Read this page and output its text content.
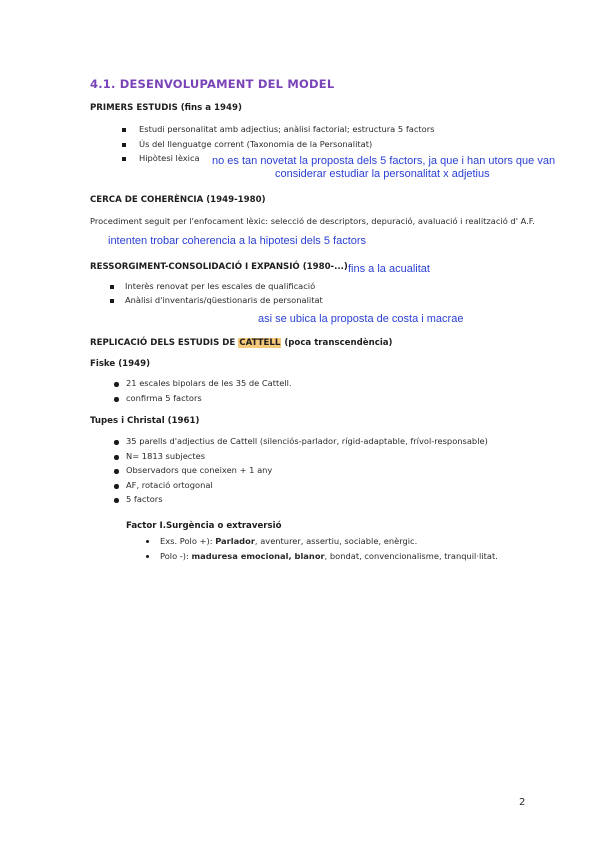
4.1. DESENVOLUPAMENT DEL MODEL
PRIMERS ESTUDIS (fins a 1949)
Estudi personalitat amb adjectius; anàlisi factorial; estructura 5 factors
Ús del llenguatge corrent (Taxonomia de la Personalitat)
Hipòtesi lèxica no es tan novetat la proposta dels 5 factors, ja que i han utors que van
considerar estudiar la personalitat x adjetius
CERCA DE COHERÈNCIA (1949-1980)
Procediment seguit per l'enfocament lèxic: selecció de descriptors, depuració, avaluació i realització d' A.F.
intenten trobar coherencia a la hipotesi dels 5 factors
RESSORGIMENT-CONSOLIDACIÓ I EXPANSIÓ (1980-...) fins a la acualitat
Interès renovat per les escales de qualificació
Anàlisi d'inventaris/qüestionaris de personalitat
asi se ubica la proposta de costa i macrae
REPLICACIÓ DELS ESTUDIS DE CATTELL (poca transcendència)
Fiske (1949)
21 escales bipolars de les 35 de Cattell.
confirma 5 factors
Tupes i Christal (1961)
35 parells d'adjectius de Cattell (silenciós-parlador, rígid-adaptable, frívol-responsable)
N= 1813 subjectes
Observadors que coneixen + 1 any
AF, rotació ortogonal
5 factors
Factor I.Surgència o extraversió
Exs. Polo +): Parlador, aventurer, assertiu, sociable, enèrgic.
Polo -): maduresa emocional, blanor, bondat, convencionalisme, tranquil·litat.
2
